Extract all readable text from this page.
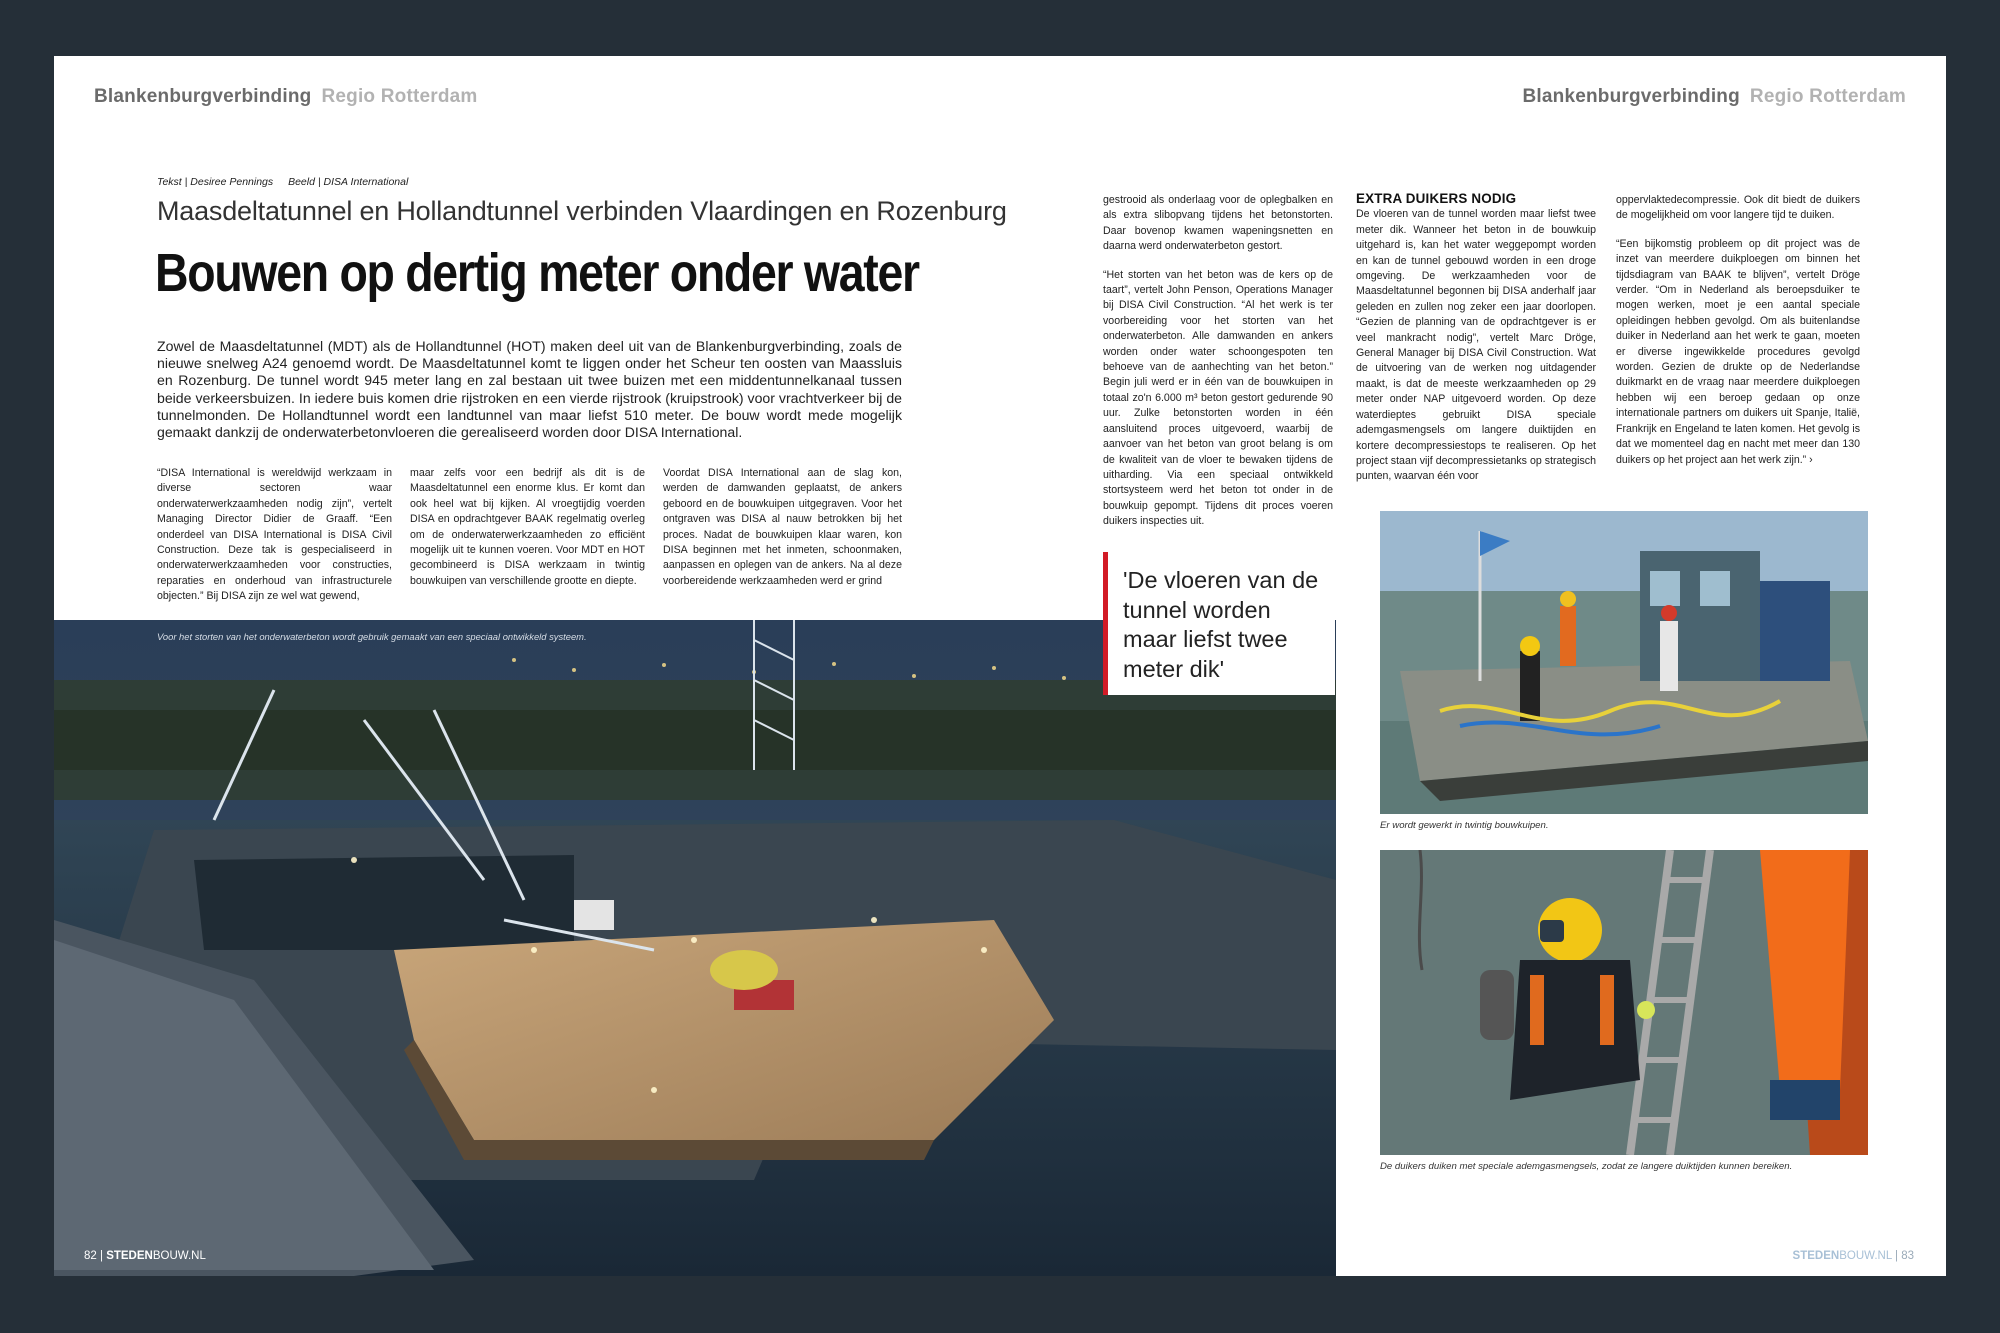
Blankenburgverbinding Regio Rotterdam
Tekst | Desiree Pennings Beeld | DISA International
Maasdeltatunnel en Hollandtunnel verbinden Vlaardingen en Rozenburg
Bouwen op dertig meter onder water
Zowel de Maasdeltatunnel (MDT) als de Hollandtunnel (HOT) maken deel uit van de Blankenburgverbinding, zoals de nieuwe snelweg A24 genoemd wordt. De Maasdeltatunnel komt te liggen onder het Scheur ten oosten van Maassluis en Rozenburg. De tunnel wordt 945 meter lang en zal bestaan uit twee buizen met een middentunnelkanaal tussen beide verkeersbuizen. In iedere buis komen drie rijstroken en een vierde rijstrook (kruipstrook) voor vrachtverkeer bij de tunnelmonden. De Hollandtunnel wordt een landtunnel van maar liefst 510 meter. De bouw wordt mede mogelijk gemaakt dankzij de onderwaterbetonvloeren die gerealiseerd worden door DISA International.

“DISA International is wereldwijd werkzaam in diverse sectoren waar onderwaterwerkzaamheden nodig zijn”, vertelt Managing Director Didier de Graaff. “Een onderdeel van DISA International is DISA Civil Construction. Deze tak is gespecialiseerd in onderwaterwerkzaamheden voor constructies, reparaties en onderhoud van infrastructurele objecten.” Bij DISA zijn ze wel wat gewend,

maar zelfs voor een bedrijf als dit is de Maasdeltatunnel een enorme klus. Er komt dan ook heel wat bij kijken. Al vroegtijdig voerden DISA en opdrachtgever BAAK regelmatig overleg om de onderwaterwerkzaamheden zo efficiënt mogelijk uit te kunnen voeren. Voor MDT en HOT gecombineerd is DISA werkzaam in twintig bouwkuipen van verschillende grootte en diepte.

Voordat DISA International aan de slag kon, werden de damwanden geplaatst, de ankers geboord en de bouwkuipen uitgegraven. Voor het ontgraven was DISA al nauw betrokken bij het proces. Nadat de bouwkuipen klaar waren, kon DISA beginnen met het inmeten, schoonmaken, aanpassen en oplegen van de ankers. Na al deze voorbereidende werkzaamheden werd er grind

Voor het storten van het onderwaterbeton wordt gebruik gemaakt van een speciaal ontwikkeld systeem.
82 | STEDENBOUW.NL

gestrooid als onderlaag voor de oplegbalken en als extra slibopvang tijdens het betonstorten. Daar bovenop kwamen wapeningsnetten en daarna werd onderwaterbeton gestort.

“Het storten van het beton was de kers op de taart”, vertelt John Penson, Operations Manager bij DISA Civil Construction. “Al het werk is ter voorbereiding voor het storten van het onderwaterbeton. Alle damwanden en ankers worden onder water schoongespoten ten behoeve van de aanhechting van het beton.” Begin juli werd er in één van de bouwkuipen in totaal zo'n 6.000 m³ beton gestort gedurende 90 uur. Zulke betonstorten worden in één aansluitend proces uitgevoerd, waarbij de aanvoer van het beton van groot belang is om de kwaliteit van de vloer te bewaken tijdens de uitharding. Via een speciaal ontwikkeld stortsysteem werd het beton tot onder in de bouwkuip gepompt. Tijdens dit proces voeren duikers inspecties uit.

'De vloeren van de tunnel worden maar liefst twee meter dik'
Blankenburgverbinding Regio Rotterdam
EXTRA DUIKERS NODIG

De vloeren van de tunnel worden maar liefst twee meter dik. Wanneer het beton in de bouwkuip uitgehard is, kan het water weggepompt worden en kan de tunnel gebouwd worden in een droge omgeving. De werkzaamheden voor de Maasdeltatunnel begonnen bij DISA anderhalf jaar geleden en zullen nog zeker een jaar doorlopen. “Gezien de planning van de opdrachtgever is er veel mankracht nodig”, vertelt Marc Dröge, General Manager bij DISA Civil Construction. Wat de uitvoering van de werken nog uitdagender maakt, is dat de meeste werkzaamheden op 29 meter onder NAP uitgevoerd worden. Op deze waterdieptes gebruikt DISA speciale ademgasmengsels om langere duiktijden en kortere decompressiestops te realiseren. Op het project staan vijf decompressietanks op strategisch punten, waarvan één voor

oppervlaktedecompressie. Ook dit biedt de duikers de mogelijkheid om voor langere tijd te duiken.

“Een bijkomstig probleem op dit project was de inzet van meerdere duikploegen om binnen het tijdsdiagram van BAAK te blijven”, vertelt Dröge verder. “Om in Nederland als beroepsduiker te mogen werken, moet je een aantal speciale opleidingen hebben gevolgd. Om als buitenlandse duiker in Nederland aan het werk te gaan, moeten er diverse ingewikkelde procedures gevolgd worden. Gezien de drukte op de Nederlandse duikmarkt en de vraag naar meerdere duikploegen hebben wij een beroep gedaan op onze internationale partners om duikers uit Spanje, Italië, Frankrijk en Engeland te laten komen. Het gevolg is dat we momenteel dag en nacht met meer dan 130 duikers op het project aan het werk zijn.” ›

Er wordt gewerkt in twintig bouwkuipen.
De duikers duiken met speciale ademgasmengsels, zodat ze langere duiktijden kunnen bereiken.
STEDENBOUW.NL | 83
